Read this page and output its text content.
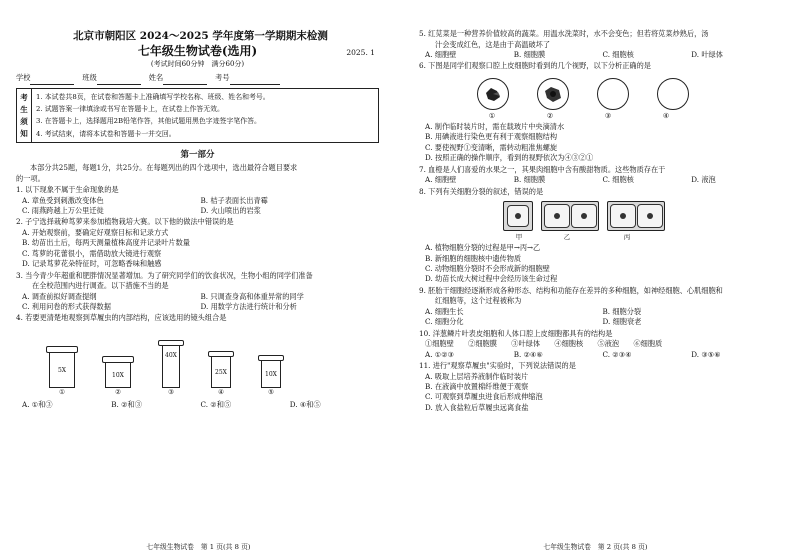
北京市朝阳区 2024～2025 学年度第一学期期末检测
七年级生物试卷(选用)	2025. 1
(考试时间60分钟　满分60分)
学校	班级	姓名	考号
考
生
须
知
1. 本试卷共8页，在试卷和答题卡上准确填写学校名称、班级、姓名和考号。
2. 试题答案一律填涂或书写在答题卡上，在试卷上作答无效。
3. 在答题卡上，选择题用2B铅笔作答，其他试题用黑色字迹签字笔作答。
4. 考试结束，请将本试卷和答题卡一并交回。
第一部分
本部分共25题，每题1分，共25分。在每题列出的四个选项中，选出最符合题目要求
的一项。
1. 以下现象不属于生命现象的是
A. 章鱼受到刺激改变体色	B. 桔子表面长出青霉
C. 雨燕跨越上万公里迁徙	D. 火山喷出的岩浆
2. 子宁选择栽种茑萝来参加植物栽培大赛。以下他的做法中错误的是
A. 开始观察前，要确定好观察目标和记录方式
B. 幼苗出土后，每两天测量植株高度并记录叶片数量
C. 茑萝的花蕾很小，需借助放大镜进行观察
D. 记录茑萝花朵特征时，可忽略香味和触感
3. 当今青少年超重和肥胖情况显著增加。为了研究同学们的饮食状况，生物小组的同学们准备
在全校范围内进行调查。以下措施不当的是
A. 调查前拟好调查提纲	B. 只调查身高和体重异常的同学
C. 利用问卷的形式获得数据	D. 用数学方法进行统计和分析
4. 若要更清楚地观察到草履虫的内部结构，应该选用的镜头组合是
5X
①
10X
②
40X
③
25X
④
10X
⑤
A. ①和③	B. ②和③	C. ②和⑤	D. ④和⑤
七年级生物试卷　第 1 页(共 8 页)
5. 红苋菜是一种营养价值较高的蔬菜。用温水洗菜时，水不会变色；但若将苋菜炒熟后，汤
汁会变成红色，这是由于高温破坏了
A. 细胞壁	B. 细胞膜	C. 细胞核	D. 叶绿体
6. 下图是同学们观察口腔上皮细胞时看到的几个视野，以下分析正确的是
①	②	③	④
A. 制作临时装片时，需在载玻片中央滴清水
B. 用碘液进行染色更有利于观察细胞结构
C. 要使视野①变清晰，需转动粗准焦螺旋
D. 按照正确的操作顺序，看到的视野依次为④③②①
7. 血橙是人们喜爱的水果之一，其果肉细胞中含有酸甜物质。这些物质存在于
A. 细胞壁	B. 细胞膜	C. 细胞核	D. 液泡
8. 下列有关细胞分裂的叙述，错误的是
甲	乙	丙
A. 植物细胞分裂的过程是甲→丙→乙
B. 新细胞的细胞核中遗传物质
C. 动物细胞分裂时不会形成新的细胞壁
D. 幼苗长成大树过程中会经历该生命过程
9. 胚胎干细胞经逐渐形成各种形态、结构和功能存在差异的多种细胞，如神经细胞、心肌细胞和
红细胞等，这个过程被称为
A. 细胞生长	B. 细胞分裂
C. 细胞分化	D. 细胞衰老
10. 洋葱鳞片叶表皮细胞和人体口腔上皮细胞都具有的结构是
①细胞壁　　②细胞膜　　③叶绿体　　④细胞核　　⑤液泡　　⑥细胞质
A. ①②③	B. ②④⑥	C. ②③④	D. ③⑤⑥
11. 进行"观察草履虫"实验时，下列说法错误的是
A. 吸取上层培养液制作临时装片
B. 在液滴中放置棉纤维便于观察
C. 可观察到草履虫进食后形成伸缩泡
D. 放入食盐粒后草履虫远离食盐
七年级生物试卷　第 2 页(共 8 页)
